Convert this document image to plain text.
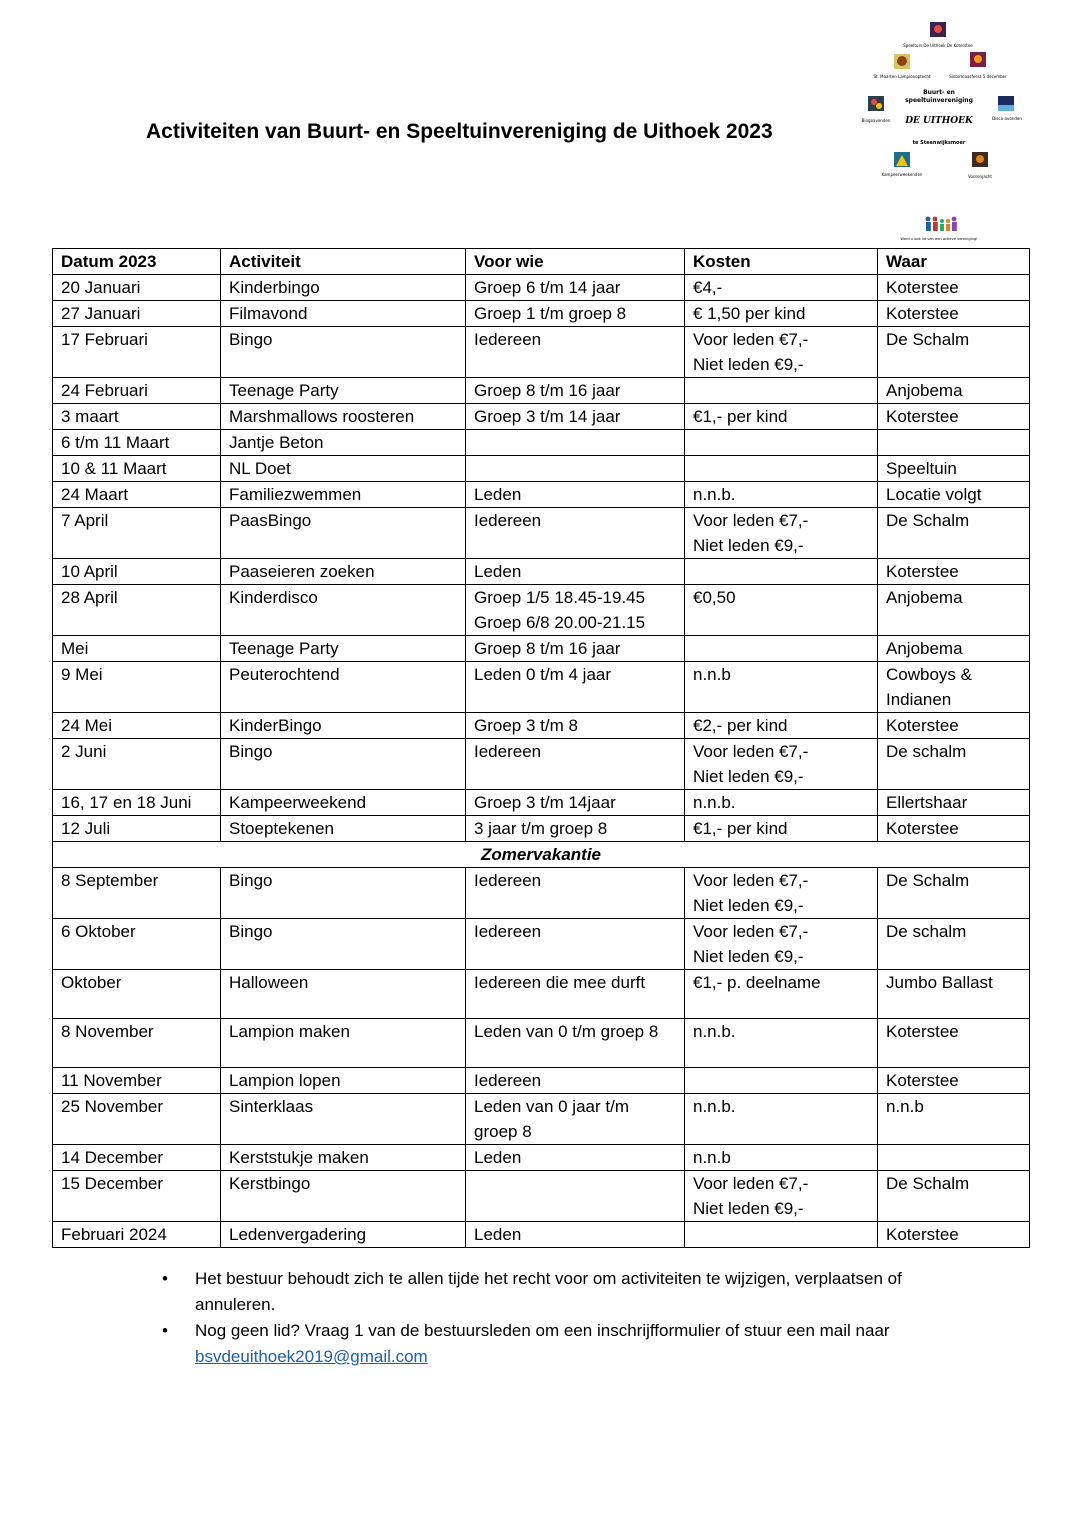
Activiteiten van Buurt- en Speeltuinvereniging de Uithoek 2023
Speeltuin De Uithoek De Koterstee
St. Maarten Lampionoptocht	Sinterklaasfeest 5 december
Buurt- en
speeltuinvereniging
Bingoavonden DE UITHOEK	Disco-avonden
te Steenwijksmoer
Kampeerweekenden	Vossenjacht
Word u ook lid van een actieve vereniging!
Datum 2023	Activiteit	Voor wie	Kosten	Waar
20 Januari	Kinderbingo	Groep 6 t/m 14 jaar	€4,-	Koterstee
27 Januari	Filmavond	Groep 1 t/m groep 8	€ 1,50 per kind	Koterstee
17 Februari	Bingo	Iedereen	Voor leden €7,-
Niet leden €9,-	De Schalm
24 Februari	Teenage Party	Groep 8 t/m 16 jaar		Anjobema
3 maart	Marshmallows roosteren	Groep 3 t/m 14 jaar	€1,- per kind	Koterstee
6 t/m 11 Maart	Jantje Beton			
10 & 11 Maart	NL Doet			Speeltuin
24 Maart	Familiezwemmen	Leden	n.n.b.	Locatie volgt
7 April	PaasBingo	Iedereen	Voor leden €7,-
Niet leden €9,-	De Schalm
10 April	Paaseieren zoeken	Leden		Koterstee
28 April	Kinderdisco	Groep 1/5 18.45-19.45
Groep 6/8 20.00-21.15	€0,50	Anjobema
Mei	Teenage Party	Groep 8 t/m 16 jaar		Anjobema
9 Mei	Peuterochtend	Leden 0 t/m 4 jaar	n.n.b	Cowboys &
Indianen
24 Mei	KinderBingo	Groep 3 t/m 8	€2,- per kind	Koterstee
2 Juni	Bingo	Iedereen	Voor leden €7,-
Niet leden €9,-	De schalm
16, 17 en 18 Juni	Kampeerweekend	Groep 3 t/m 14jaar	n.n.b.	Ellertshaar
12 Juli	Stoeptekenen	3 jaar t/m groep 8	€1,- per kind	Koterstee
Zomervakantie				
8 September	Bingo	Iedereen	Voor leden €7,-
Niet leden €9,-	De Schalm
6 Oktober	Bingo	Iedereen	Voor leden €7,-
Niet leden €9,-	De schalm
Oktober	Halloween	Iedereen die mee durft	€1,- p. deelname	Jumbo Ballast
8 November	Lampion maken	Leden van 0 t/m groep 8	n.n.b.	Koterstee
11 November	Lampion lopen	Iedereen		Koterstee
25 November	Sinterklaas	Leden van 0 jaar t/m
groep 8	n.n.b.	n.n.b
14 December	Kerststukje maken	Leden	n.n.b	
15 December	Kerstbingo		Voor leden €7,-
Niet leden €9,-	De Schalm
Februari 2024	Ledenvergadering	Leden		Koterstee
• Het bestuur behoudt zich te allen tijde het recht voor om activiteiten te wijzigen, verplaatsen of annuleren.
• Nog geen lid? Vraag 1 van de bestuursleden om een inschrijfformulier of stuur een mail naar
bsvdeuithoek2019@gmail.com
